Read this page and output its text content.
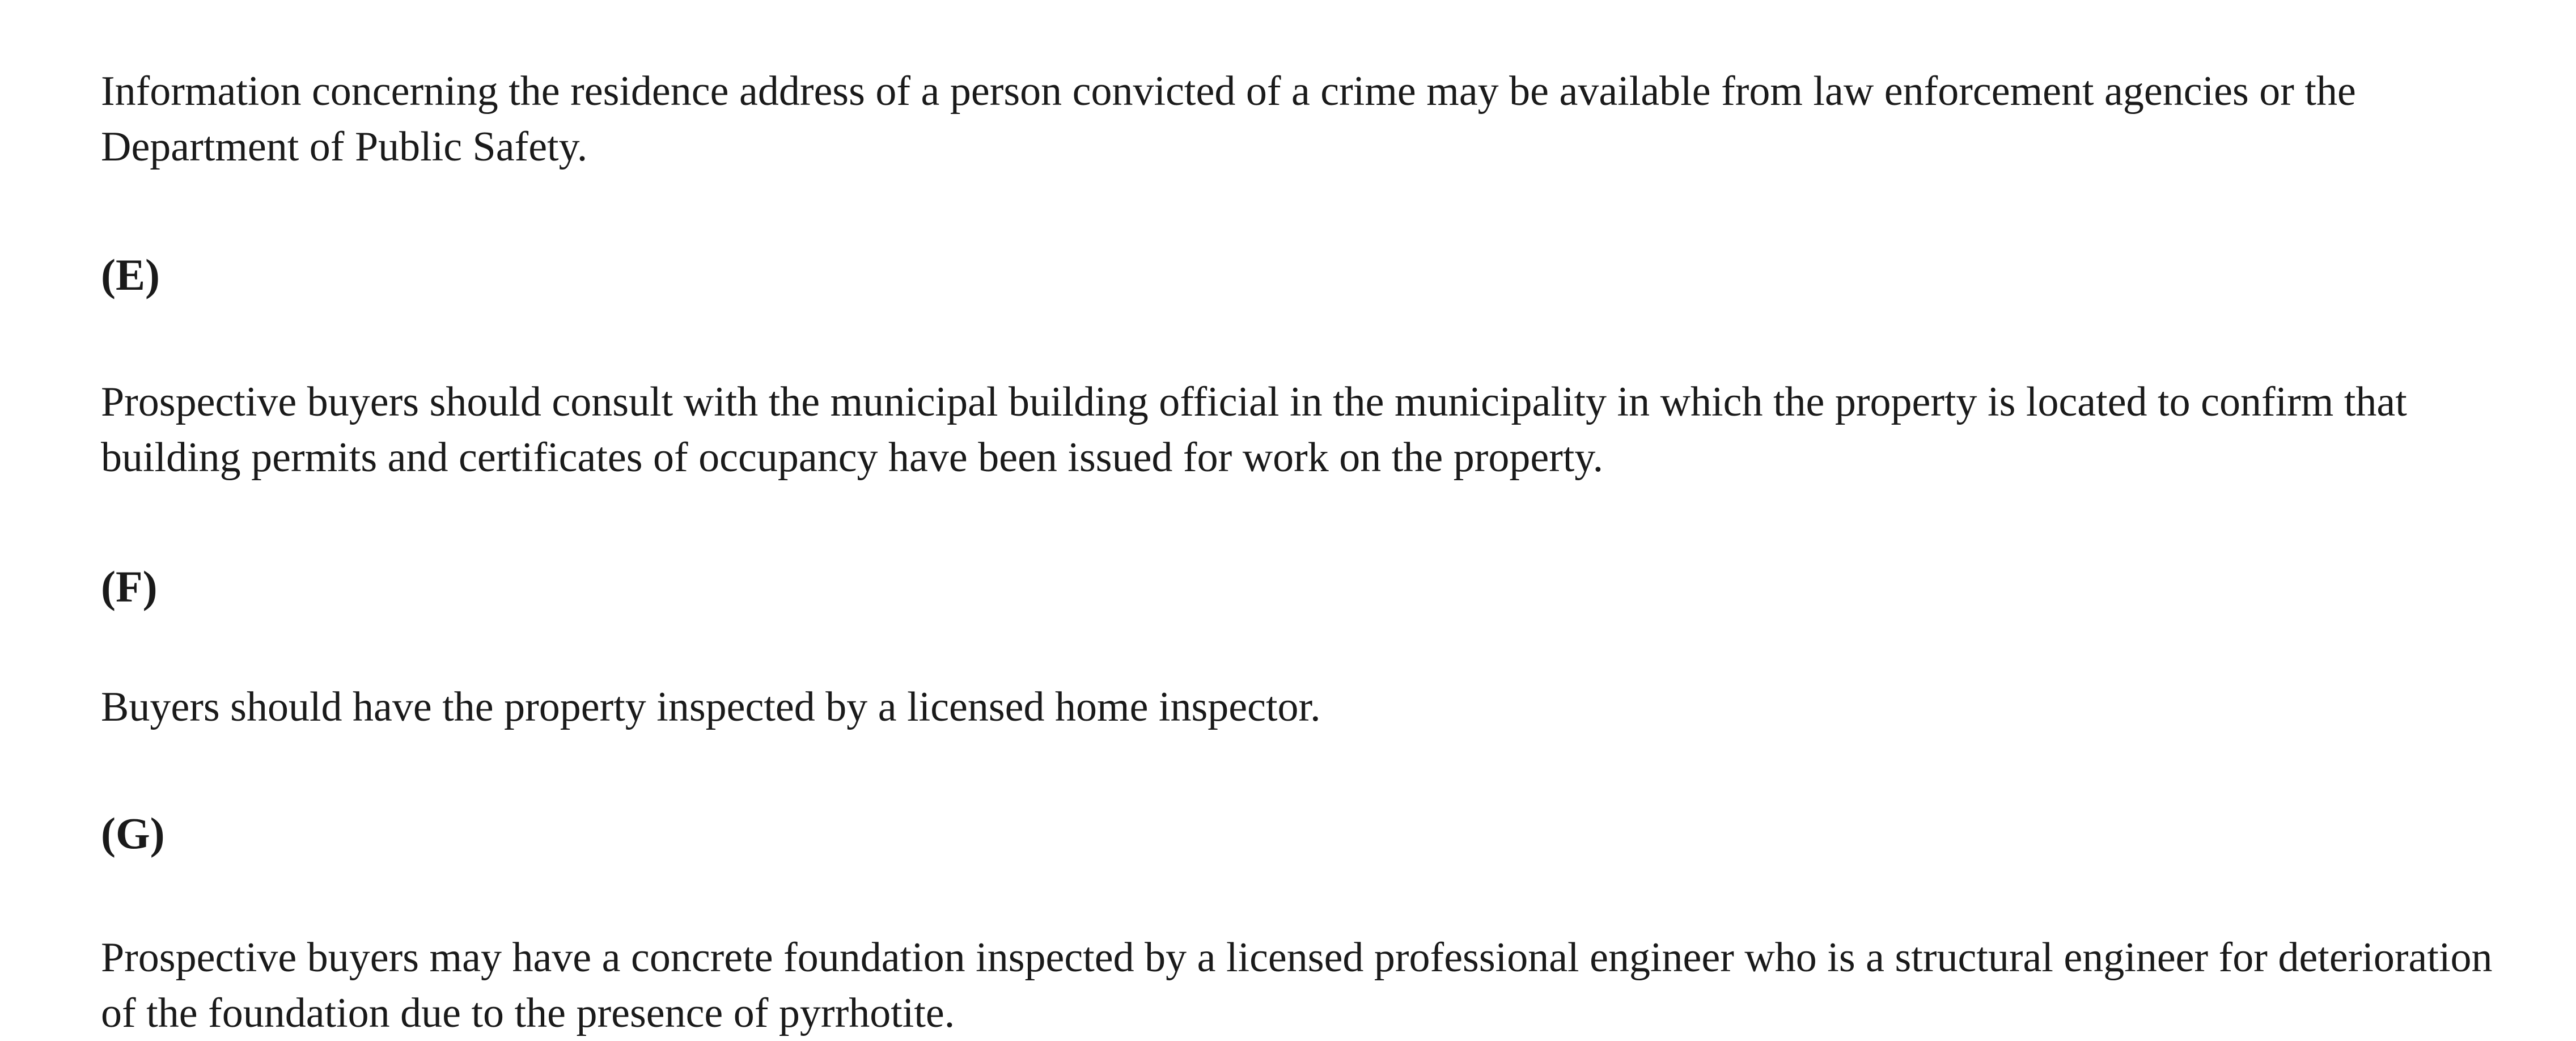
Information concerning the residence address of a person convicted of a crime may be available from law enforcement agencies or the Department of Public Safety.

(E)

Prospective buyers should consult with the municipal building official in the municipality in which the property is located to confirm that building permits and certificates of occupancy have been issued for work on the property.

(F)

Buyers should have the property inspected by a licensed home inspector.

(G)

Prospective buyers may have a concrete foundation inspected by a licensed professional engineer who is a structural engineer for deterioration of the foundation due to the presence of pyrrhotite.
